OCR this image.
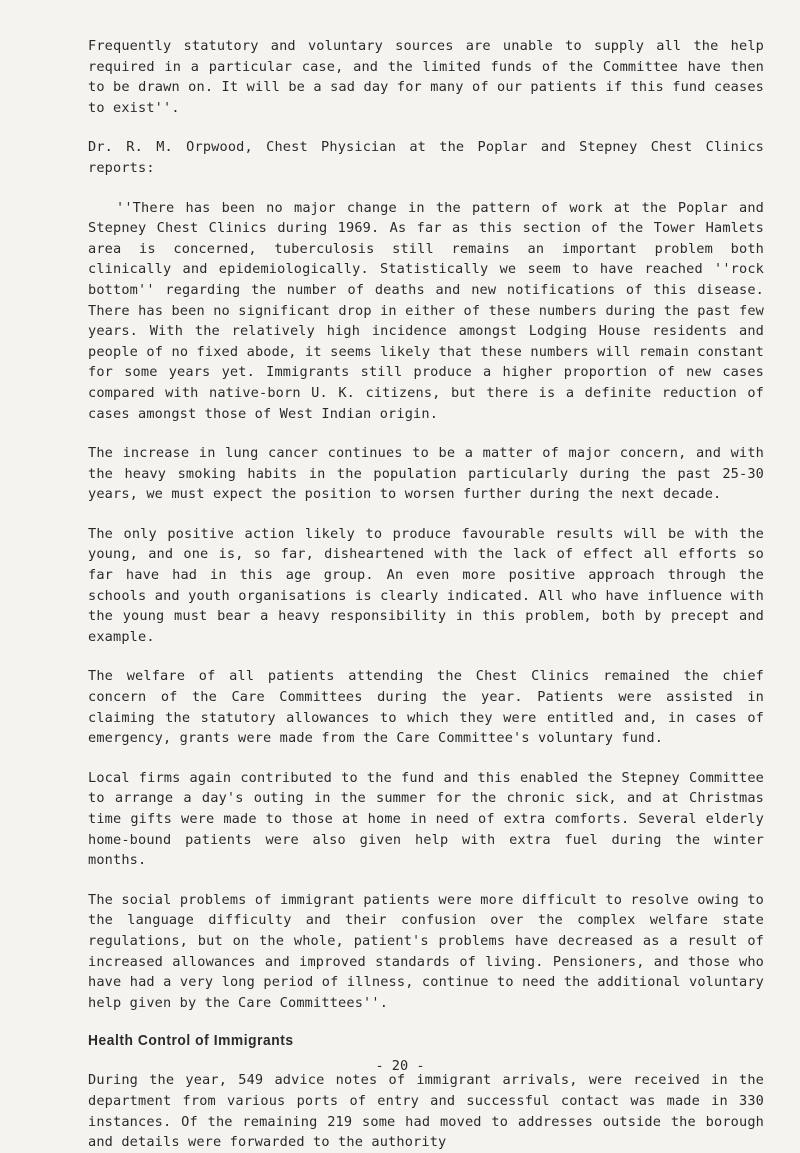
Frequently statutory and voluntary sources are unable to supply all the help required in a particular case, and the limited funds of the Committee have then to be drawn on. It will be a sad day for many of our patients if this fund ceases to exist''.

Dr. R. M. Orpwood, Chest Physician at the Poplar and Stepney Chest Clinics reports:

''There has been no major change in the pattern of work at the Poplar and Stepney Chest Clinics during 1969. As far as this section of the Tower Hamlets area is concerned, tuberculosis still remains an important problem both clinically and epidemiologically. Statistically we seem to have reached ''rock bottom'' regarding the number of deaths and new notifications of this disease. There has been no significant drop in either of these numbers during the past few years. With the relatively high incidence amongst Lodging House residents and people of no fixed abode, it seems likely that these numbers will remain constant for some years yet. Immigrants still produce a higher proportion of new cases compared with native-born U. K. citizens, but there is a definite reduction of cases amongst those of West Indian origin.

The increase in lung cancer continues to be a matter of major concern, and with the heavy smoking habits in the population particularly during the past 25-30 years, we must expect the position to worsen further during the next decade.

The only positive action likely to produce favourable results will be with the young, and one is, so far, disheartened with the lack of effect all efforts so far have had in this age group. An even more positive approach through the schools and youth organisations is clearly indicated. All who have influence with the young must bear a heavy responsibility in this problem, both by precept and example.

The welfare of all patients attending the Chest Clinics remained the chief concern of the Care Committees during the year. Patients were assisted in claiming the statutory allowances to which they were entitled and, in cases of emergency, grants were made from the Care Committee's voluntary fund.

Local firms again contributed to the fund and this enabled the Stepney Committee to arrange a day's outing in the summer for the chronic sick, and at Christmas time gifts were made to those at home in need of extra comforts. Several elderly home-bound patients were also given help with extra fuel during the winter months.

The social problems of immigrant patients were more difficult to resolve owing to the language difficulty and their confusion over the complex welfare state regulations, but on the whole, patient's problems have decreased as a result of increased allowances and improved standards of living. Pensioners, and those who have had a very long period of illness, continue to need the additional voluntary help given by the Care Committees''.

Health Control of Immigrants

During the year, 549 advice notes of immigrant arrivals, were received in the department from various ports of entry and successful contact was made in 330 instances. Of the remaining 219 some had moved to addresses outside the borough and details were forwarded to the authority

- 20 -
